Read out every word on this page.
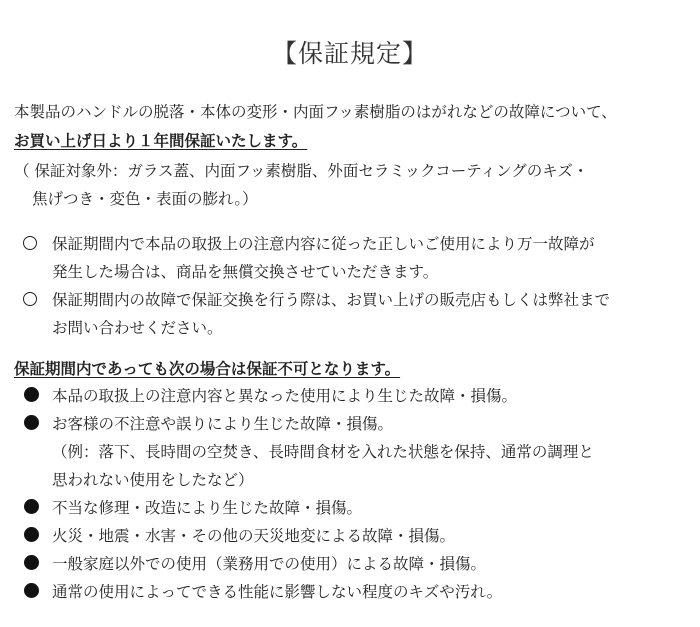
【保証規定】
本製品のハンドルの脱落・本体の変形・内面フッ素樹脂のはがれなどの故障について、
お買い上げ日より１年間保証いたします。
（ 保証対象外：ガラス蓋、内面フッ素樹脂、外面セラミックコーティングのキズ・
焦げつき・変色・表面の膨れ。）
保証期間内で本品の取扱上の注意内容に従った正しいご使用により万一故障が
発生した場合は、商品を無償交換させていただきます。
保証期間内の故障で保証交換を行う際は、お買い上げの販売店もしくは弊社まで
お問い合わせください。
保証期間内であっても次の場合は保証不可となります。
本品の取扱上の注意内容と異なった使用により生じた故障・損傷。
お客様の不注意や誤りにより生じた故障・損傷。
（例：落下、長時間の空焚き、長時間食材を入れた状態を保持、通常の調理と
思われない使用をしたなど）
不当な修理・改造により生じた故障・損傷。
火災・地震・水害・その他の天災地変による故障・損傷。
一般家庭以外での使用（業務用での使用）による故障・損傷。
通常の使用によってできる性能に影響しない程度のキズや汚れ。
